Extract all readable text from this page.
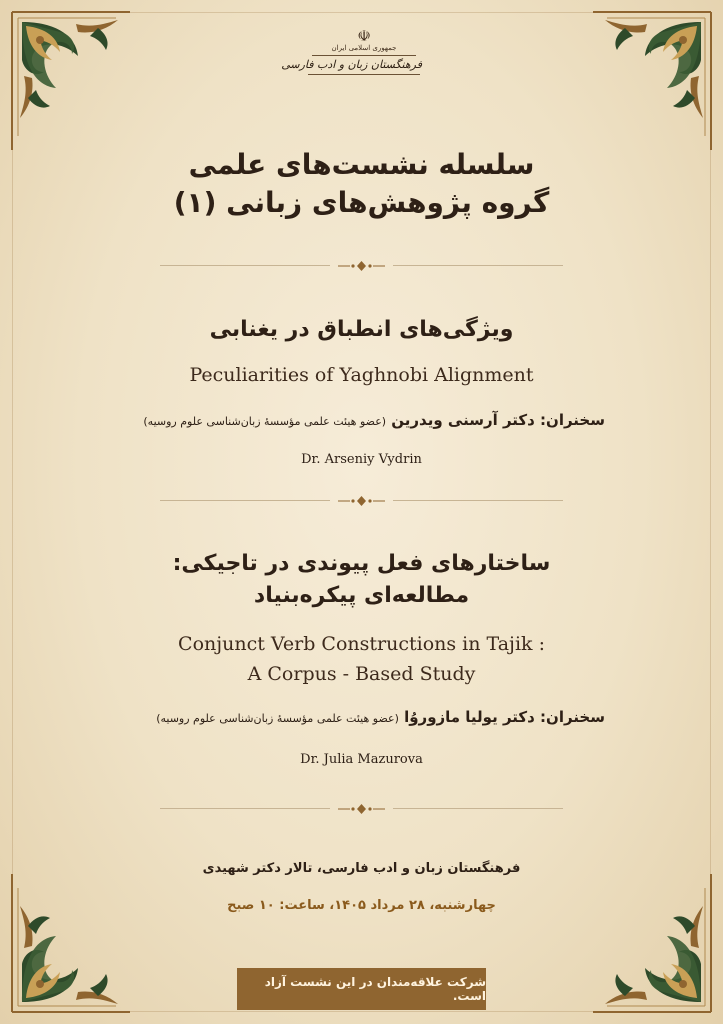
☫
جمهوری اسلامی ایران
فرهنگستان زبان و ادب فارسی
سلسله نشست‌های علمی
گروه پژوهش‌های زبانی (۱)
ویژگی‌های انطباق در یغنابی
Peculiarities of Yaghnobi Alignment
سخنران: دکتر آرسنی ویدرین (عضو هیئت علمی مؤسسهٔ زبان‌شناسی علوم روسیه)
Dr. Arseniy Vydrin
ساختارهای فعل پیوندی در تاجیکی:
مطالعه‌ای پیکره‌بنیاد
Conjunct Verb Constructions in Tajik :
A Corpus - Based Study
سخنران: دکتر یولیا مازوروُا (عضو هیئت علمی مؤسسهٔ زبان‌شناسی علوم روسیه)
Dr. Julia Mazurova
فرهنگستان زبان و ادب فارسی، تالار دکتر شهیدی
چهارشنبه، ۲۸ مرداد ۱۴۰۵، ساعت: ۱۰ صبح
شرکت علاقه‌مندان در این نشست آزاد است.
